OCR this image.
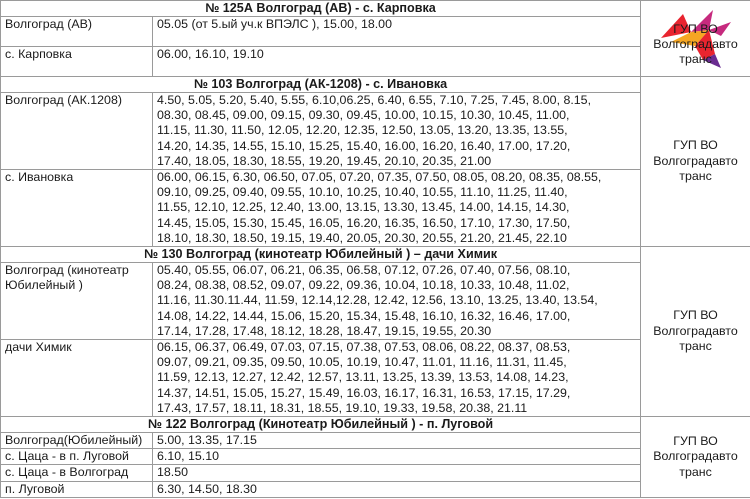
№ 125А Волгоград (АВ) - с. Карповка		ГУП ВО
Волгоградавто
транс

Волгоград (АВ)	05.05 (от 5.ый уч.к ВПЭЛС ), 15.00, 18.00	
с. Карповка	06.00, 16.10, 19.10	
№ 103 Волгоград (АК-1208) - с. Ивановка		ГУП ВО
Волгоградавто
транс

Волгоград (АК.1208)	4.50, 5.05, 5.20, 5.40, 5.55, 6.10,06.25, 6.40, 6.55, 7.10, 7.25, 7.45, 8.00, 8.15,
08.30, 08.45, 09.00, 09.15, 09.30, 09.45, 10.00, 10.15, 10.30, 10.45, 11.00,
11.15, 11.30, 11.50, 12.05, 12.20, 12.35, 12.50, 13.05, 13.20, 13.35, 13.55,
14.20, 14.35, 14.55, 15.10, 15.25, 15.40, 16.00, 16.20, 16.40, 17.00, 17.20,
17.40, 18.05, 18.30, 18.55, 19.20, 19.45, 20.10, 20.35, 21.00	

с. Ивановка	06.00, 06.15, 6.30, 06.50, 07.05, 07.20, 07.35, 07.50, 08.05, 08.20, 08.35, 08.55,
09.10, 09.25, 09.40, 09.55, 10.10, 10.25, 10.40, 10.55, 11.10, 11.25, 11.40,
11.55, 12.10, 12.25, 12.40, 13.00, 13.15, 13.30, 13.45, 14.00, 14.15, 14.30,
14.45, 15.05, 15.30, 15.45, 16.05, 16.20, 16.35, 16.50, 17.10, 17.30, 17.50,
18.10, 18.30, 18.50, 19.15, 19.40, 20.05, 20.30, 20.55, 21.20, 21.45, 22.10	

№ 130 Волгоград (кинотеатр Юбилейный ) – дачи Химик		ГУП ВО
Волгоградавто
транс

Волгоград (кинотеатр Юбилейный )	05.40, 05.55, 06.07, 06.21, 06.35, 06.58, 07.12, 07.26, 07.40, 07.56, 08.10,
08.24, 08.38, 08.52, 09.07, 09.22, 09.36, 10.04, 10.18, 10.33, 10.48, 11.02,
11.16, 11.30.11.44, 11.59, 12.14,12.28, 12.42, 12.56, 13.10, 13.25, 13.40, 13.54,
14.08, 14.22, 14.44, 15.06, 15.20, 15.34, 15.48, 16.10, 16.32, 16.46, 17.00,
17.14, 17.28, 17.48, 18.12, 18.28, 18.47, 19.15, 19.55, 20.30	

дачи Химик	06.15, 06.37, 06.49, 07.03, 07.15, 07.38, 07.53, 08.06, 08.22, 08.37, 08.53,
09.07, 09.21, 09.35, 09.50, 10.05, 10.19, 10.47, 11.01, 11.16, 11.31, 11.45,
11.59, 12.13, 12.27, 12.42, 12.57, 13.11, 13.25, 13.39, 13.53, 14.08, 14.23,
14.37, 14.51, 15.05, 15.27, 15.49, 16.03, 16.17, 16.31, 16.53, 17.15, 17.29,
17.43, 17.57, 18.11, 18.31, 18.55, 19.10, 19.33, 19.58, 20.38, 21.11	

№ 122 Волгоград (Кинотеатр Юбилейный ) - п. Луговой		ГУП ВО
Волгоградавто
транс

Волгоград(Юбилейный)	5.00, 13.35, 17.15	
с. Цаца - в п. Луговой	6.10, 15.10	
с. Цаца - в Волгоград	18.50	
п. Луговой	6.30, 14.50, 18.30	
